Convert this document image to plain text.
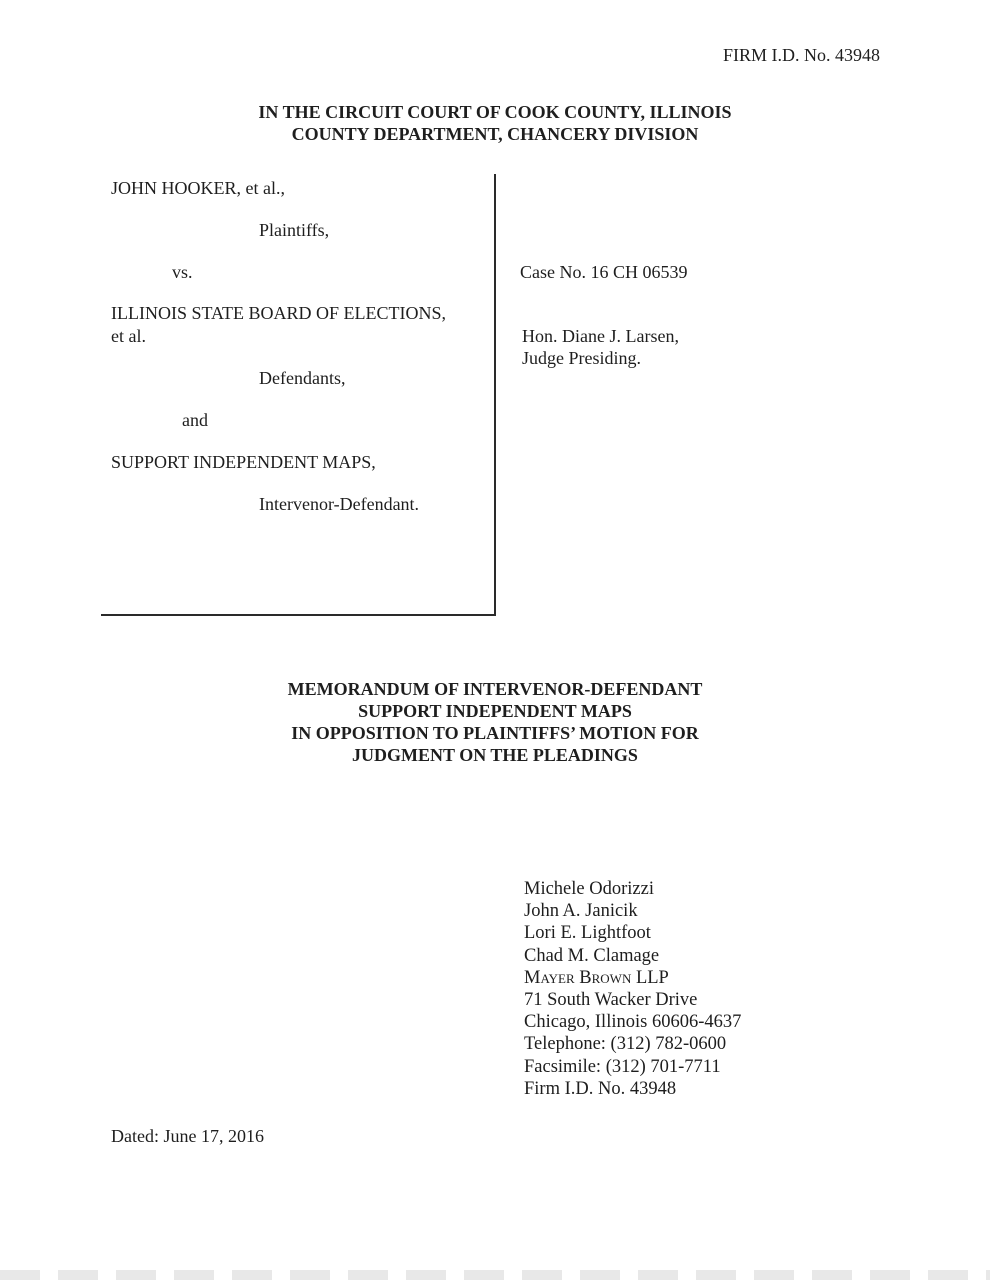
FIRM I.D. No. 43948
IN THE CIRCUIT COURT OF COOK COUNTY, ILLINOIS
COUNTY DEPARTMENT, CHANCERY DIVISION
JOHN HOOKER, et al.,
Plaintiffs,
vs.
ILLINOIS STATE BOARD OF ELECTIONS,
et al.
Defendants,
and
SUPPORT INDEPENDENT MAPS,
Intervenor-Defendant.
Case No. 16 CH 06539
Hon. Diane J. Larsen,
Judge Presiding.
MEMORANDUM OF INTERVENOR-DEFENDANT
SUPPORT INDEPENDENT MAPS
IN OPPOSITION TO PLAINTIFFS’ MOTION FOR
JUDGMENT ON THE PLEADINGS
Michele Odorizzi
John A. Janicik
Lori E. Lightfoot
Chad M. Clamage
Mayer Brown LLP
71 South Wacker Drive
Chicago, Illinois 60606-4637
Telephone: (312) 782-0600
Facsimile: (312) 701-7711
Firm I.D. No. 43948
Dated: June 17, 2016
